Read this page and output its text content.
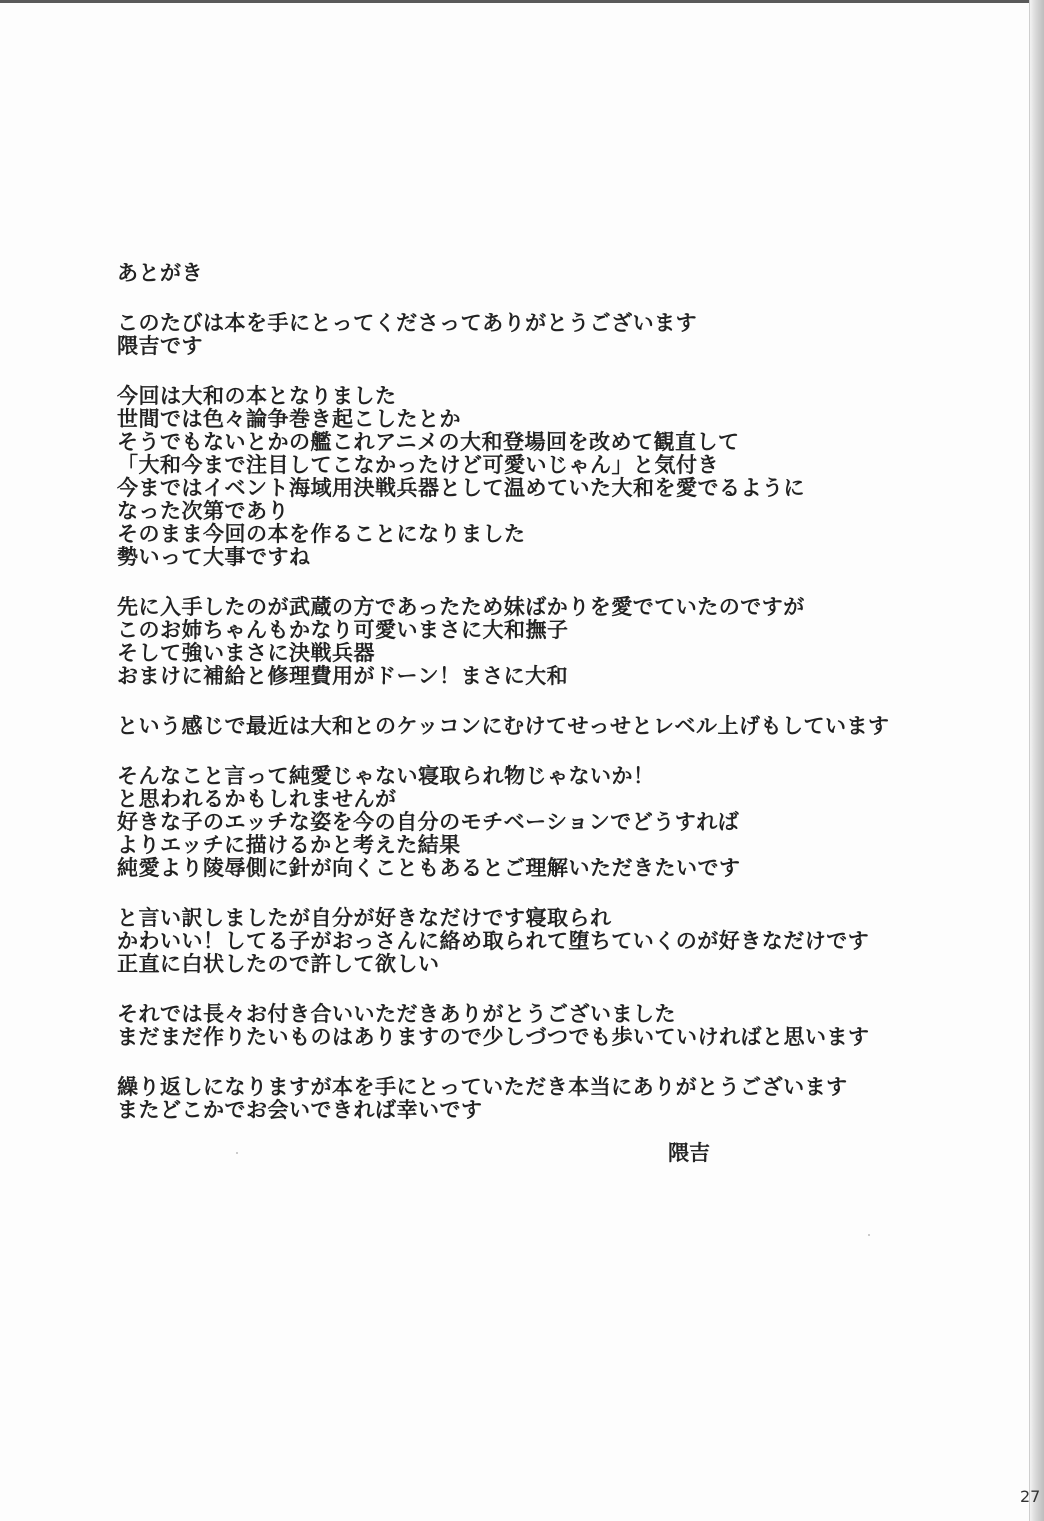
あとがき
このたびは本を手にとってくださってありがとうございます
隈吉です
今回は大和の本となりました
世間では色々論争巻き起こしたとか
そうでもないとかの艦これアニメの大和登場回を改めて観直して
「大和今まで注目してこなかったけど可愛いじゃん」と気付き
今まではイベント海域用決戦兵器として温めていた大和を愛でるように
なった次第であり
そのまま今回の本を作ることになりました
勢いって大事ですね
先に入手したのが武蔵の方であったため妹ばかりを愛でていたのですが
このお姉ちゃんもかなり可愛いまさに大和撫子
そして強いまさに決戦兵器
おまけに補給と修理費用がドーン！まさに大和
という感じで最近は大和とのケッコンにむけてせっせとレベル上げもしています
そんなこと言って純愛じゃない寝取られ物じゃないか！
と思われるかもしれませんが
好きな子のエッチな姿を今の自分のモチベーションでどうすれば
よりエッチに描けるかと考えた結果
純愛より陵辱側に針が向くこともあるとご理解いただきたいです
と言い訳しましたが自分が好きなだけです寝取られ
かわいい！してる子がおっさんに絡め取られて堕ちていくのが好きなだけです
正直に白状したので許して欲しい
それでは長々お付き合いいただきありがとうございました
まだまだ作りたいものはありますので少しづつでも歩いていければと思います
繰り返しになりますが本を手にとっていただき本当にありがとうございます
またどこかでお会いできれば幸いです
隈吉
27
